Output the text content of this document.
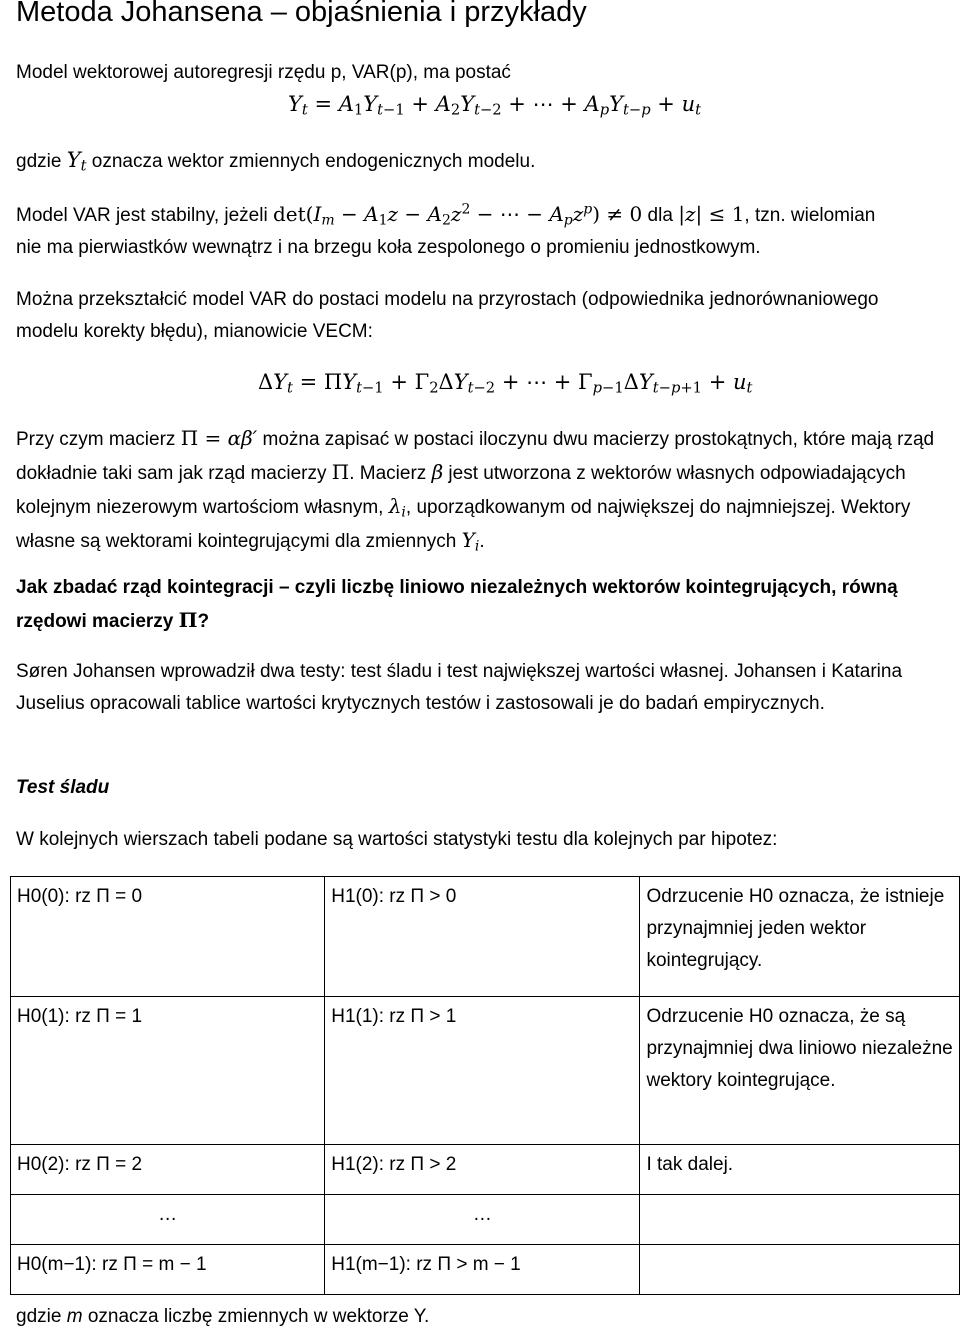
Metoda Johansena – objaśnienia i przykłady
Model wektorowej autoregresji rzędu p, VAR(p), ma postać
$Y_t = A_1Y_{t-1} + A_2Y_{t-2}$ + ⋯ + $A_pY_{t-p} + u_t$
gdzie $Y_t$ oznacza wektor zmiennych endogenicznych modelu.
Model VAR jest stabilny, jeżeli $\det(I_m - A_1z - A_2z^2$ − ⋯ − $A_pz^p) \ne 0$ dla |z| ≤ 1, tzn. wielomian
nie ma pierwiastków wewnątrz i na brzegu koła zespolonego o promieniu jednostkowym.
Można przekształcić model VAR do postaci modelu na przyrostach (odpowiednika jednorównaniowego modelu korekty błędu), mianowicie VECM:
$\Delta Y_t = \Pi Y_{t-1} + \Gamma_2\Delta Y_{t-2}$ + ⋯ + $\Gamma_{p-1}\Delta Y_{t-p+1} + u_t$
Przy czym macierz Π = αβ′ można zapisać w postaci iloczynu dwu macierzy prostokątnych, które mają rząd dokładnie taki sam jak rząd macierzy Π. Macierz β jest utworzona z wektorów własnych odpowiadających kolejnym niezerowym wartościom własnym, $\lambda_i$, uporządkowanym od największej do najmniejszej. Wektory własne są wektorami kointegrującymi dla zmiennych $Y_i$.
Jak zbadać rząd kointegracji – czyli liczbę liniowo niezależnych wektorów kointegrujących, równą rzędowi macierzy Π?
Søren Johansen wprowadził dwa testy: test śladu i test największej wartości własnej. Johansen i Katarina Juselius opracowali tablice wartości krytycznych testów i zastosowali je do badań empirycznych.
Test śladu
W kolejnych wierszach tabeli podane są wartości statystyki testu dla kolejnych par hipotez:
H0(0): rz Π = 0	H1(0): rz Π > 0	Odrzucenie H0 oznacza, że istnieje przynajmniej jeden wektor kointegrujący.
H0(1): rz Π = 1	H1(1): rz Π > 1	Odrzucenie H0 oznacza, że są przynajmniej dwa liniowo niezależne wektory kointegrujące.
H0(2): rz Π = 2	H1(2): rz Π > 2	I tak dalej.
…	…	
H0(m−1): rz Π = m − 1	H1(m−1): rz Π > m − 1	
gdzie m oznacza liczbę zmiennych w wektorze Y.
